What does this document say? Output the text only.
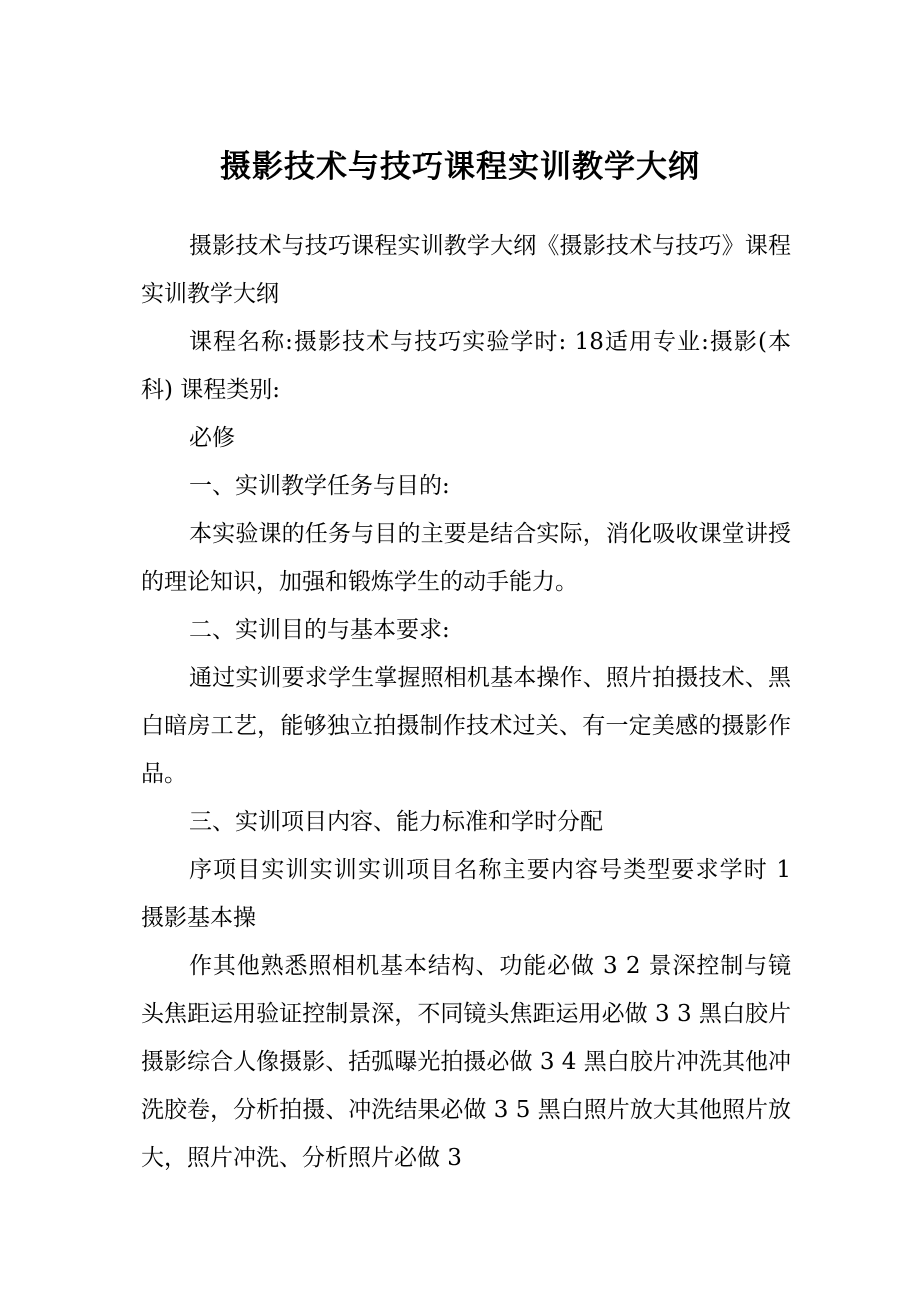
摄影技术与技巧课程实训教学大纲

摄影技术与技巧课程实训教学大纲《摄影技术与技巧》课程实训教学大纲

课程名称:摄影技术与技巧实验学时: 18适用专业:摄影(本科) 课程类别:

必修

一、实训教学任务与目的:

本实验课的任务与目的主要是结合实际，消化吸收课堂讲授的理论知识，加强和锻炼学生的动手能力。

二、实训目的与基本要求:

通过实训要求学生掌握照相机基本操作、照片拍摄技术、黑白暗房工艺，能够独立拍摄制作技术过关、有一定美感的摄影作品。

三、实训项目内容、能力标准和学时分配

序项目实训实训实训项目名称主要内容号类型要求学时 1 摄影基本操

作其他熟悉照相机基本结构、功能必做 3 2 景深控制与镜头焦距运用验证控制景深，不同镜头焦距运用必做 3 3 黑白胶片摄影综合人像摄影、括弧曝光拍摄必做 3 4 黑白胶片冲洗其他冲洗胶卷，分析拍摄、冲洗结果必做 3 5 黑白照片放大其他照片放大，照片冲洗、分析照片必做 3
